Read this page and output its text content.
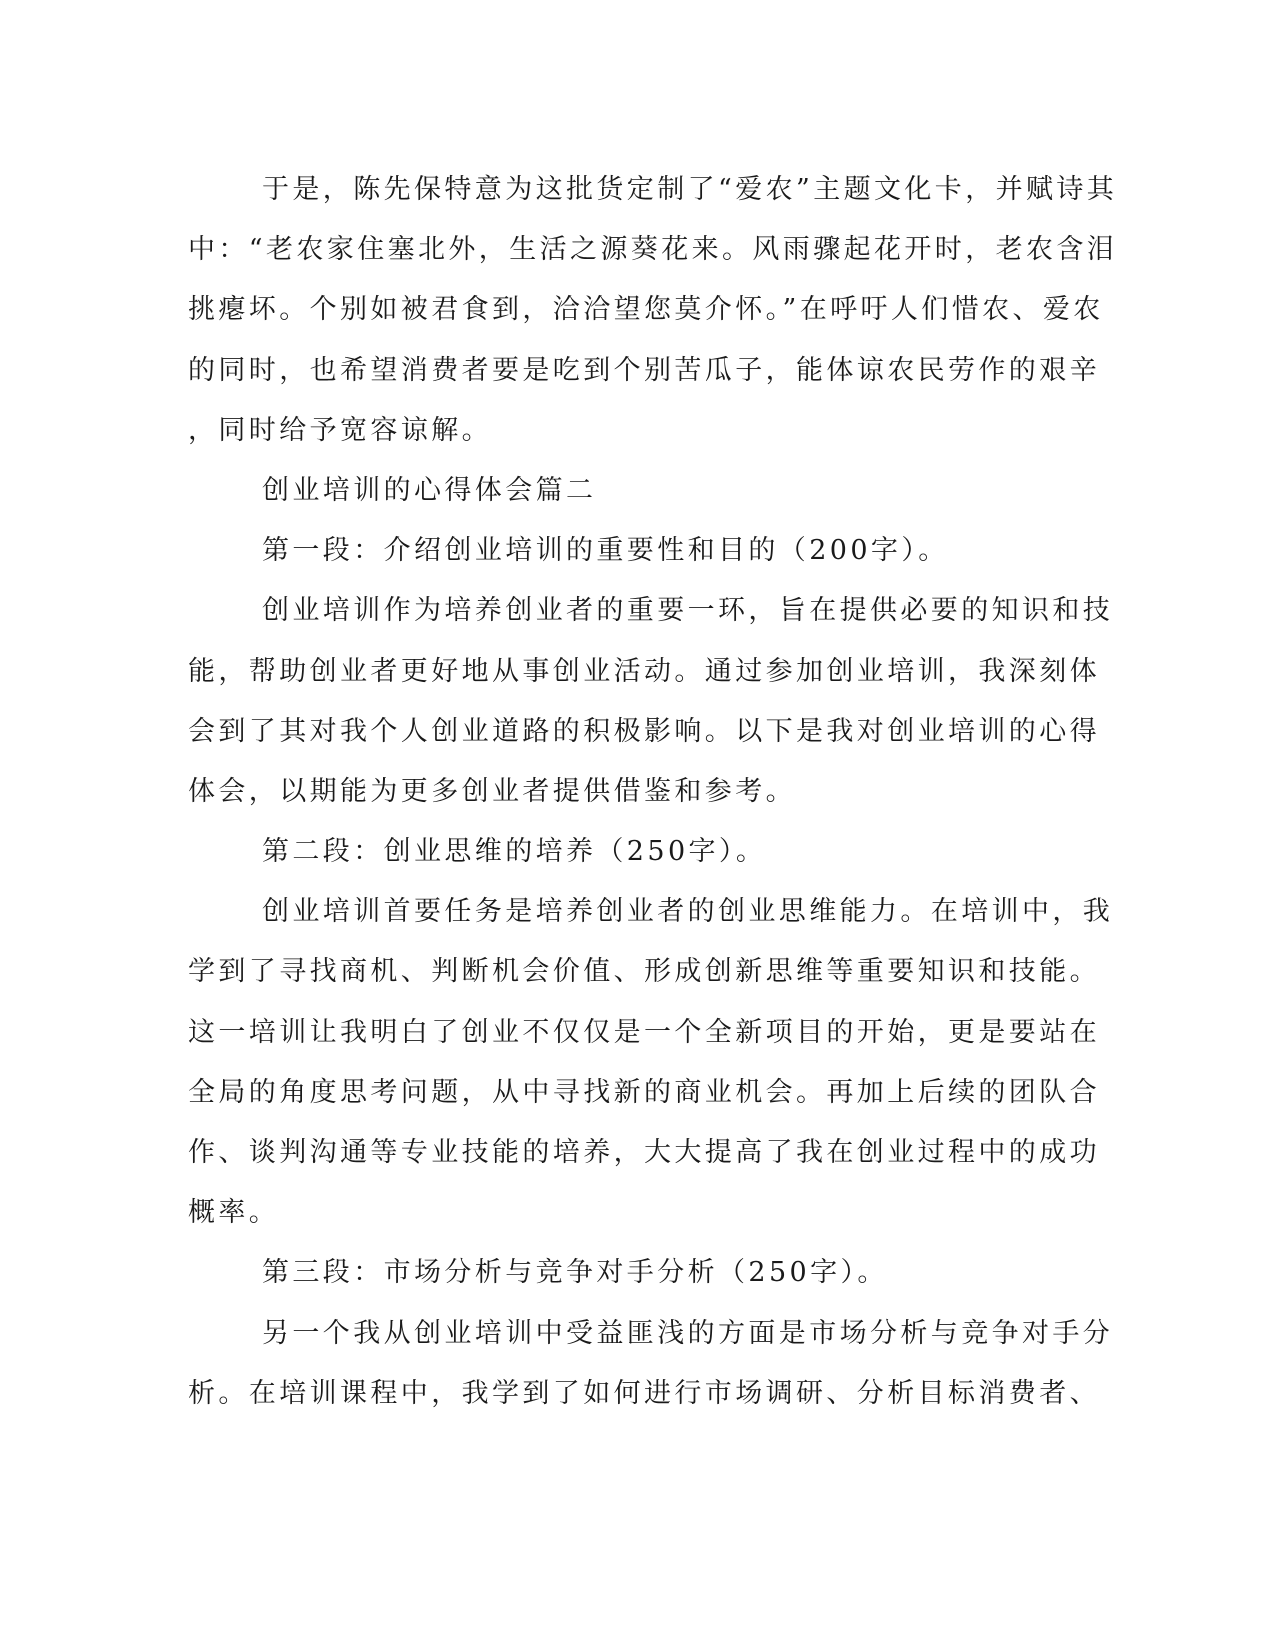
于是，陈先保特意为这批货定制了“爱农”主题文化卡，并赋诗其
中：“老农家住塞北外，生活之源葵花来。风雨骤起花开时，老农含泪
挑瘪坏。个别如被君食到，洽洽望您莫介怀。”在呼吁人们惜农、爱农
的同时，也希望消费者要是吃到个别苦瓜子，能体谅农民劳作的艰辛
，同时给予宽容谅解。
创业培训的心得体会篇二
第一段：介绍创业培训的重要性和目的（200字）。
创业培训作为培养创业者的重要一环，旨在提供必要的知识和技
能，帮助创业者更好地从事创业活动。通过参加创业培训，我深刻体
会到了其对我个人创业道路的积极影响。以下是我对创业培训的心得
体会，以期能为更多创业者提供借鉴和参考。
第二段：创业思维的培养（250字）。
创业培训首要任务是培养创业者的创业思维能力。在培训中，我
学到了寻找商机、判断机会价值、形成创新思维等重要知识和技能。
这一培训让我明白了创业不仅仅是一个全新项目的开始，更是要站在
全局的角度思考问题，从中寻找新的商业机会。再加上后续的团队合
作、谈判沟通等专业技能的培养，大大提高了我在创业过程中的成功
概率。
第三段：市场分析与竞争对手分析（250字）。
另一个我从创业培训中受益匪浅的方面是市场分析与竞争对手分
析。在培训课程中，我学到了如何进行市场调研、分析目标消费者、
